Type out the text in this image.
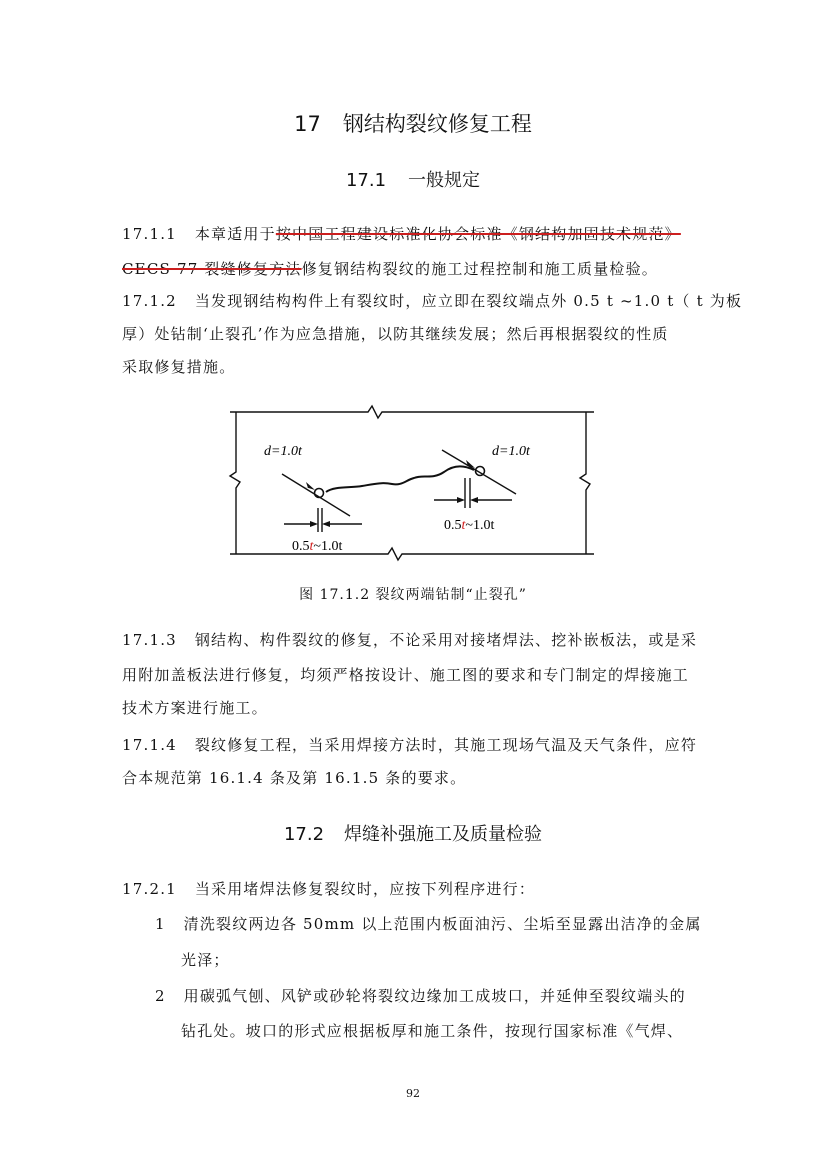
17 钢结构裂纹修复工程
17.1 一般规定
17.1.1 本章适用于按中国工程建设标准化协会标准《钢结构加固技术规范》
CECS 77 裂缝修复方法修复钢结构裂纹的施工过程控制和施工质量检验。
17.1.2 当发现钢结构构件上有裂纹时，应立即在裂纹端点外 0.5 t ~1.0 t（ t 为板
厚）处钻制‘止裂孔’作为应急措施，以防其继续发展；然后再根据裂纹的性质
采取修复措施。
d=1.0t	d=1.0t
0.5t~1.0t
0.5t~1.0t
图 17.1.2 裂纹两端钻制“止裂孔”
17.1.3 钢结构、构件裂纹的修复，不论采用对接堵焊法、挖补嵌板法，或是采
用附加盖板法进行修复，均须严格按设计、施工图的要求和专门制定的焊接施工
技术方案进行施工。
17.1.4 裂纹修复工程，当采用焊接方法时，其施工现场气温及天气条件，应符
合本规范第 16.1.4 条及第 16.1.5 条的要求。
17.2 焊缝补强施工及质量检验
17.2.1 当采用堵焊法修复裂纹时，应按下列程序进行：
1 清洗裂纹两边各 50mm 以上范围内板面油污、尘垢至显露出洁净的金属
光泽；
2 用碳弧气刨、风铲或砂轮将裂纹边缘加工成坡口，并延伸至裂纹端头的
钻孔处。坡口的形式应根据板厚和施工条件，按现行国家标准《气焊、
92
